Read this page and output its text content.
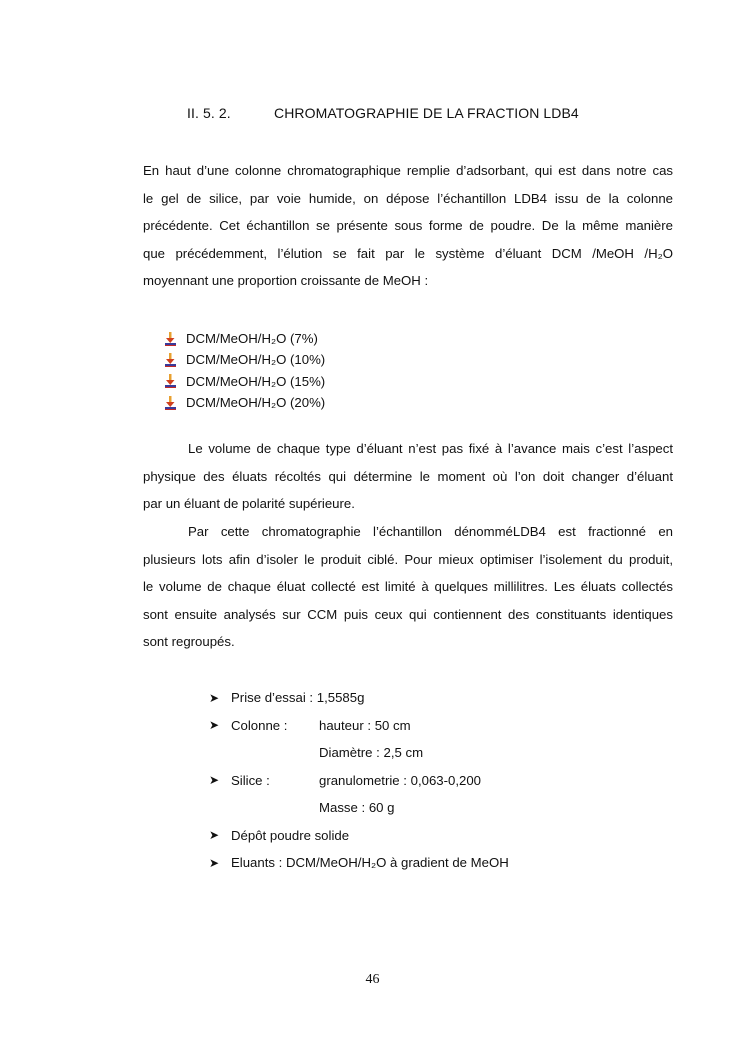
II. 5. 2.	CHROMATOGRAPHIE DE LA FRACTION LDB4
En haut d’une colonne chromatographique remplie d’adsorbant, qui est dans notre cas
le gel de silice, par voie humide, on dépose l’échantillon LDB4 issu de la colonne
précédente. Cet échantillon se présente sous forme de poudre. De la même manière
que précédemment, l’élution se fait par le système d’éluant DCM /MeOH /H₂O
moyennant une proportion croissante de MeOH :
DCM/MeOH/H₂O (7%)
DCM/MeOH/H₂O (10%)
DCM/MeOH/H₂O (15%)
DCM/MeOH/H₂O (20%)
Le volume de chaque type d’éluant n’est pas fixé à l’avance mais c’est l’aspect
physique des éluats récoltés qui détermine le moment où l’on doit changer d’éluant
par un éluant de polarité supérieure.
Par cette chromatographie l’échantillon dénomméLDB4 est fractionné en
plusieurs lots afin d’isoler le produit ciblé. Pour mieux optimiser l’isolement du produit,
le volume de chaque éluat collecté est limité à quelques millilitres. Les éluats collectés
sont ensuite analysés sur CCM puis ceux qui contiennent des constituants identiques
sont regroupés.
➤ Prise d’essai : 1,5585g
➤ Colonne :	hauteur : 50 cm
Diamètre : 2,5 cm
➤ Silice :	granulometrie : 0,063-0,200
Masse : 60 g
➤ Dépôt poudre solide
➤ Eluants : DCM/MeOH/H₂O à gradient de MeOH
46
